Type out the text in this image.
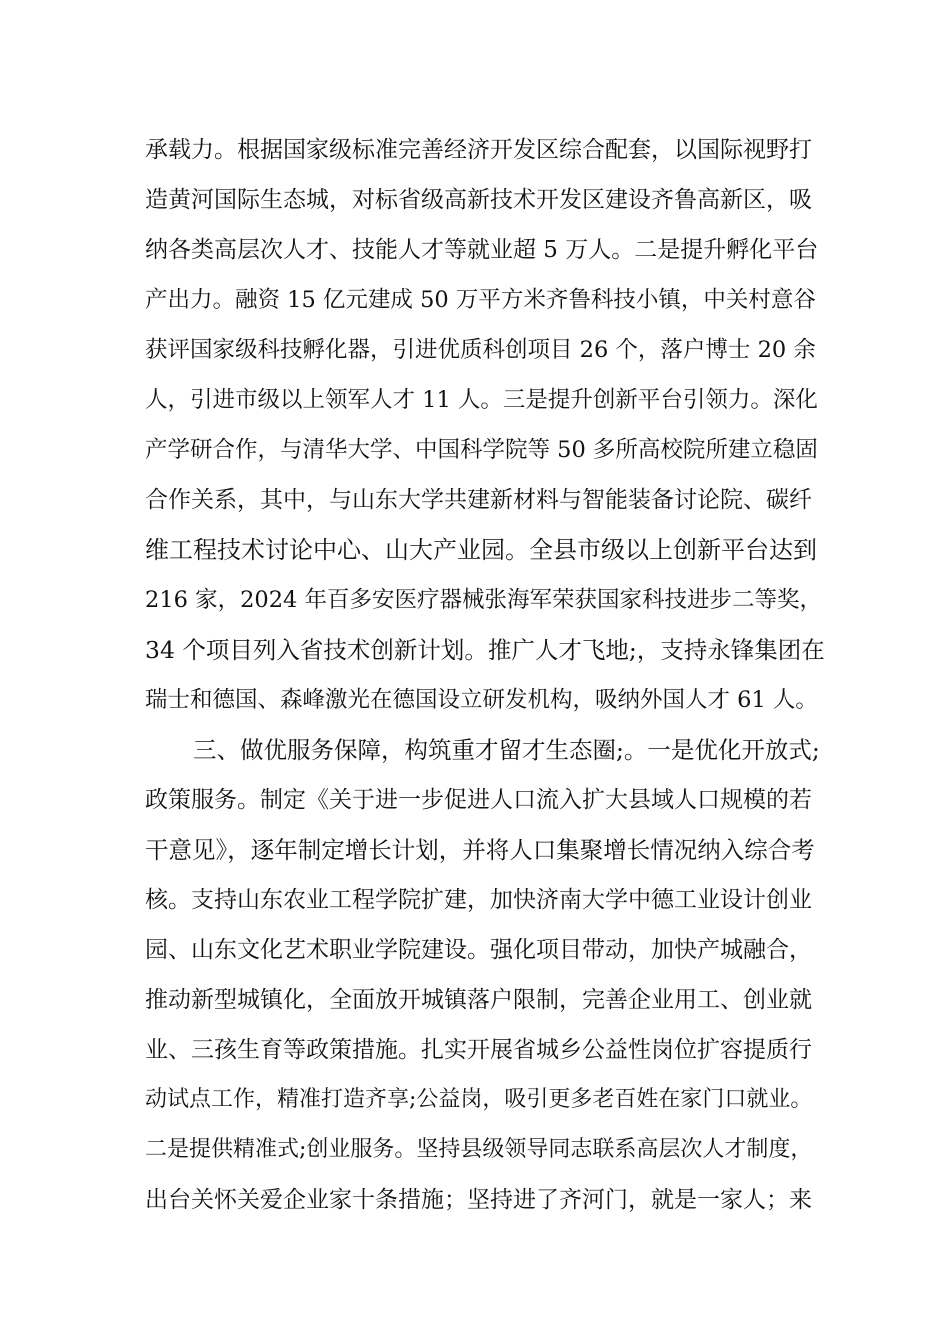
承载力。根据国家级标准完善经济开发区综合配套，以国际视野打
造黄河国际生态城，对标省级高新技术开发区建设齐鲁高新区，吸
纳各类高层次人才、技能人才等就业超 5 万人。二是提升孵化平台
产出力。融资 15 亿元建成 50 万平方米齐鲁科技小镇，中关村意谷
获评国家级科技孵化器，引进优质科创项目 26 个，落户博士 20 余
人，引进市级以上领军人才 11 人。三是提升创新平台引领力。深化
产学研合作，与清华大学、中国科学院等 50 多所高校院所建立稳固
合作关系，其中，与山东大学共建新材料与智能装备讨论院、碳纤
维工程技术讨论中心、山大产业园。全县市级以上创新平台达到
216 家，2024 年百多安医疗器械张海军荣获国家科技进步二等奖，
34 个项目列入省技术创新计划。推广人才飞地;，支持永锋集团在
瑞士和德国、森峰激光在德国设立研发机构，吸纳外国人才 61 人。
三、做优服务保障，构筑重才留才生态圈;。一是优化开放式;
政策服务。制定《关于进一步促进人口流入扩大县域人口规模的若
干意见》，逐年制定增长计划，并将人口集聚增长情况纳入综合考
核。支持山东农业工程学院扩建，加快济南大学中德工业设计创业
园、山东文化艺术职业学院建设。强化项目带动，加快产城融合，
推动新型城镇化，全面放开城镇落户限制，完善企业用工、创业就
业、三孩生育等政策措施。扎实开展省城乡公益性岗位扩容提质行
动试点工作，精准打造齐享;公益岗，吸引更多老百姓在家门口就业。
二是提供精准式;创业服务。坚持县级领导同志联系高层次人才制度，
出台关怀关爱企业家十条措施；坚持进了齐河门，就是一家人；来
